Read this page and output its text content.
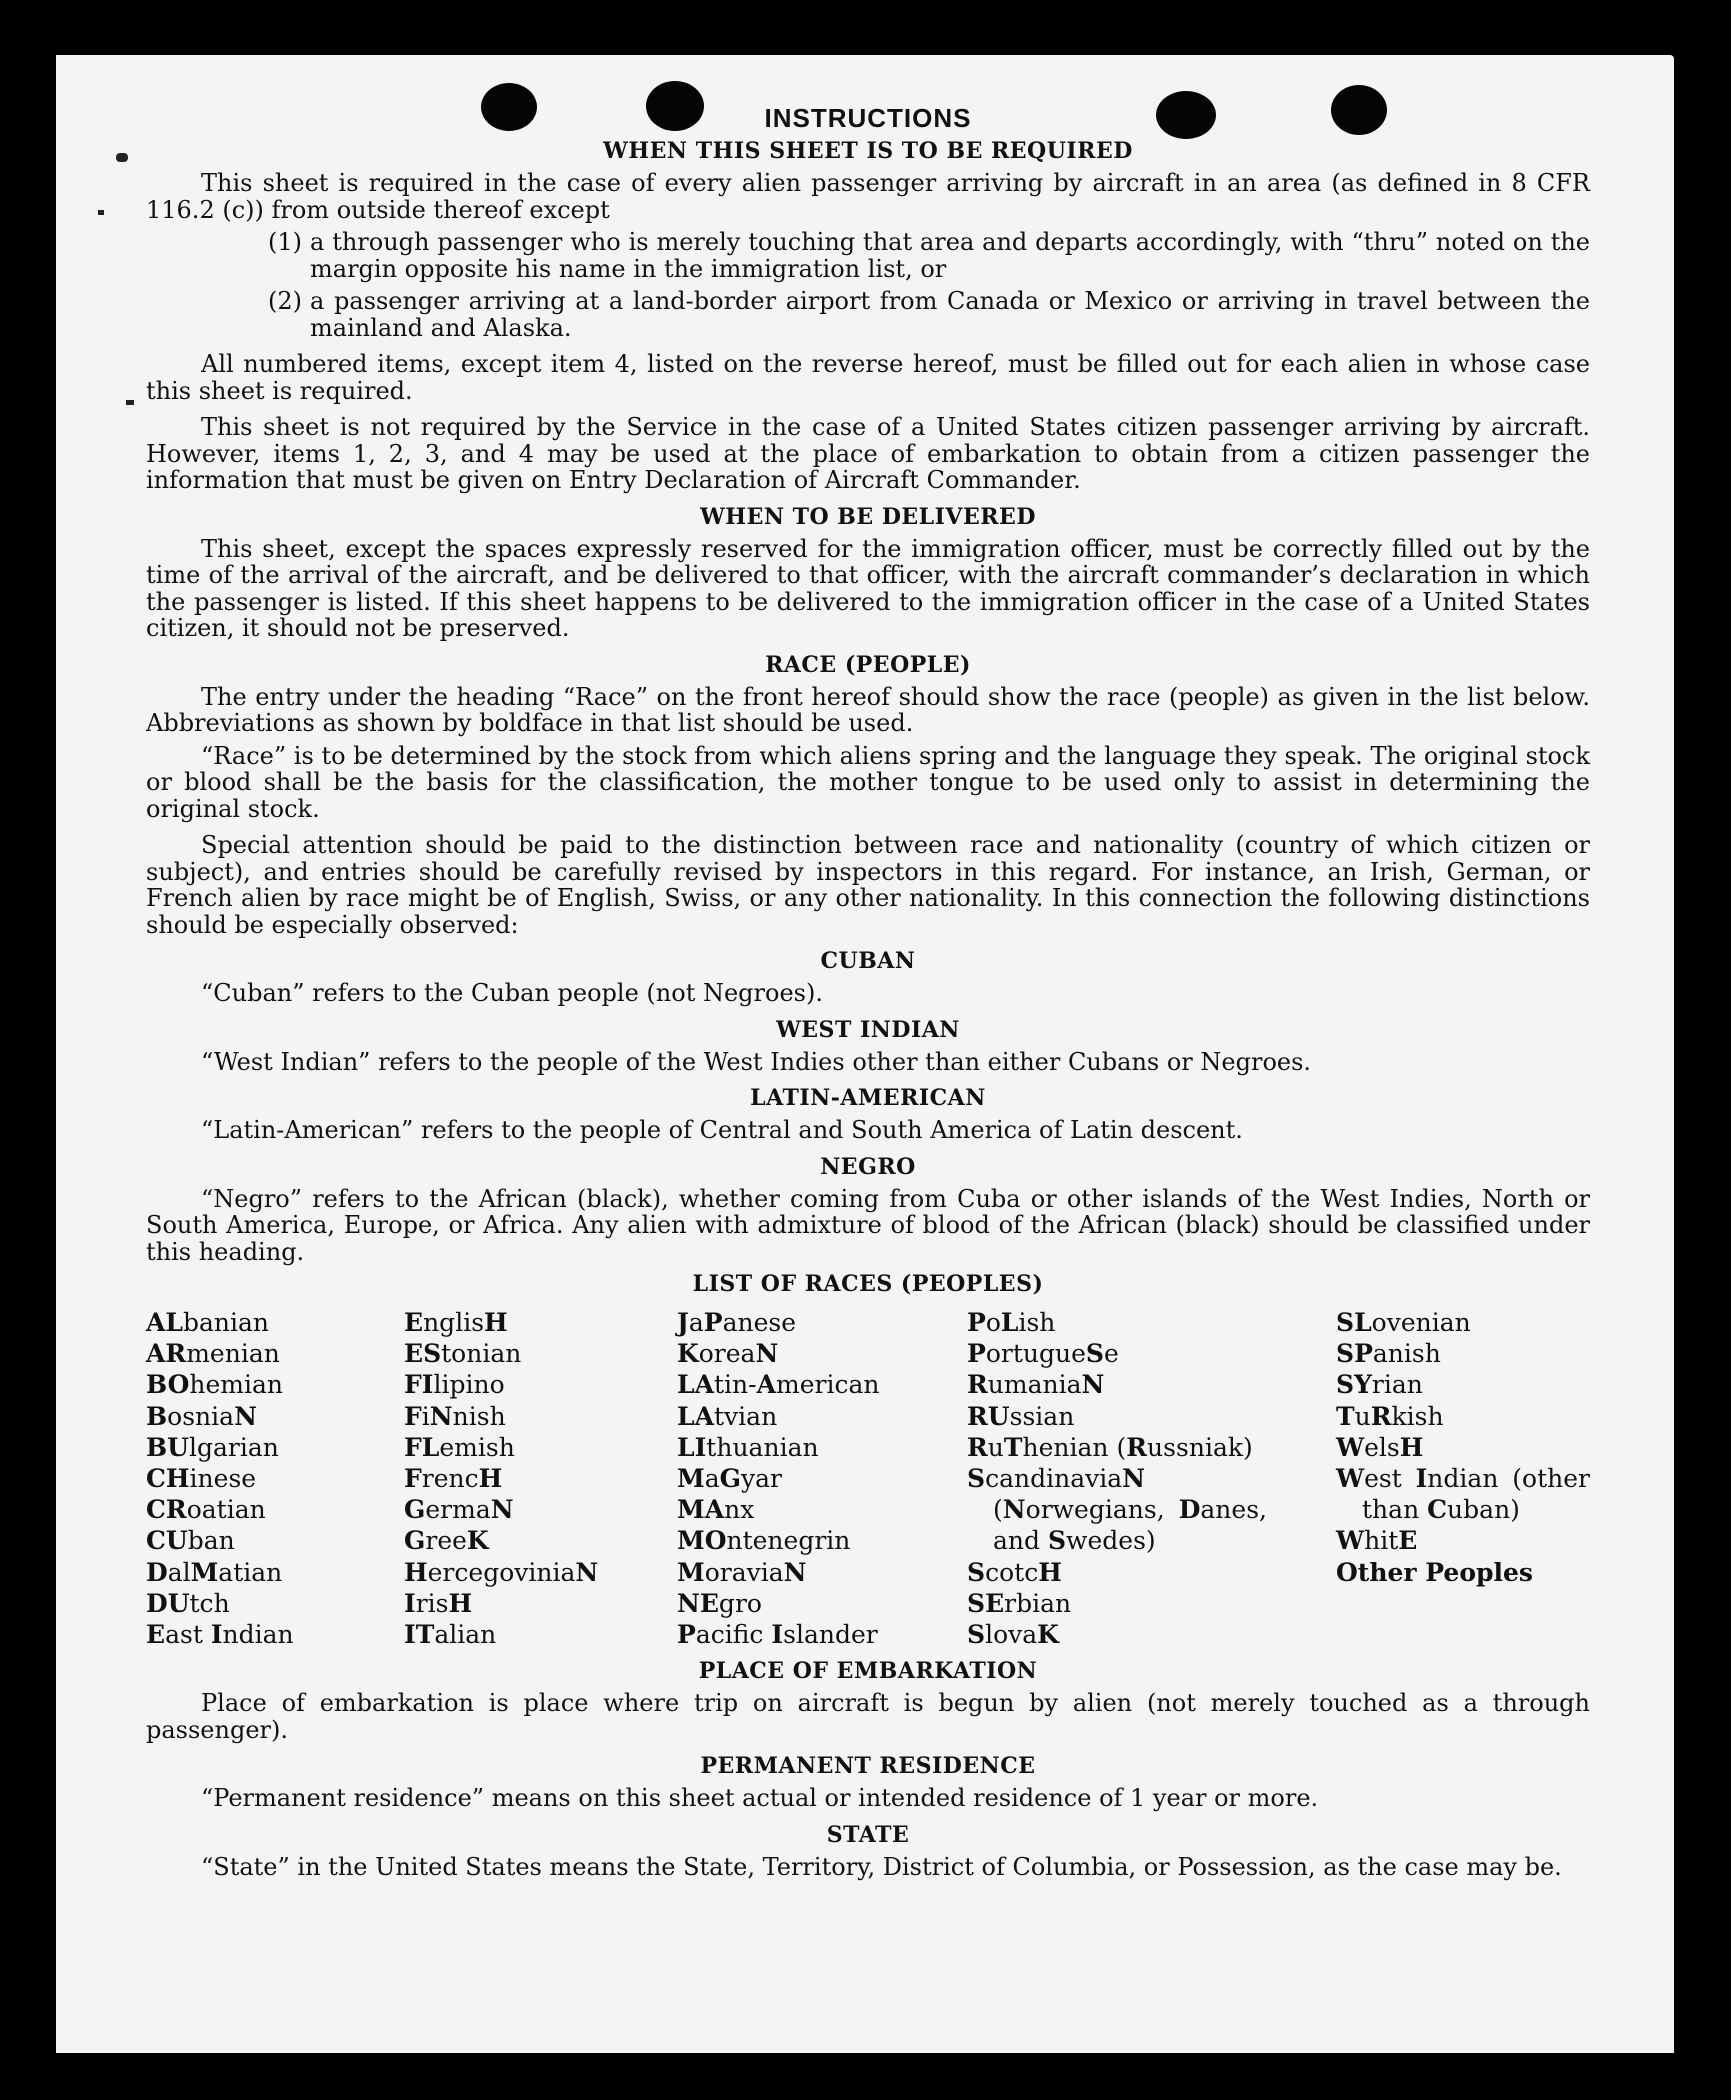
INSTRUCTIONS
WHEN THIS SHEET IS TO BE REQUIRED

This sheet is required in the case of every alien passenger arriving by aircraft in an area (as defined in 8 CFR 116.2 (c)) from outside thereof except

(1) a through passenger who is merely touching that area and departs accordingly, with “thru” noted on the margin opposite his name in the immigration list, or
(2) a passenger arriving at a land-border airport from Canada or Mexico or arriving in travel between the mainland and Alaska.

All numbered items, except item 4, listed on the reverse hereof, must be filled out for each alien in whose case this sheet is required.

This sheet is not required by the Service in the case of a United States citizen passenger arriving by aircraft. However, items 1, 2, 3, and 4 may be used at the place of embarkation to obtain from a citizen passenger the information that must be given on Entry Declaration of Aircraft Commander.

WHEN TO BE DELIVERED

This sheet, except the spaces expressly reserved for the immigration officer, must be correctly filled out by the time of the arrival of the aircraft, and be delivered to that officer, with the aircraft commander’s declaration in which the passenger is listed. If this sheet happens to be delivered to the immigration officer in the case of a United States citizen, it should not be preserved.

RACE (PEOPLE)

The entry under the heading “Race” on the front hereof should show the race (people) as given in the list below. Abbreviations as shown by boldface in that list should be used.

“Race” is to be determined by the stock from which aliens spring and the language they speak. The original stock or blood shall be the basis for the classification, the mother tongue to be used only to assist in determining the original stock.

Special attention should be paid to the distinction between race and nationality (country of which citizen or subject), and entries should be carefully revised by inspectors in this regard. For instance, an Irish, German, or French alien by race might be of English, Swiss, or any other nationality. In this connection the following distinctions should be especially observed:

CUBAN

“Cuban” refers to the Cuban people (not Negroes).

WEST INDIAN

“West Indian” refers to the people of the West Indies other than either Cubans or Negroes.

LATIN-AMERICAN

“Latin-American” refers to the people of Central and South America of Latin descent.

NEGRO

“Negro” refers to the African (black), whether coming from Cuba or other islands of the West Indies, North or South America, Europe, or Africa. Any alien with admixture of blood of the African (black) should be classified under this heading.

LIST OF RACES (PEOPLES)
ALbanian
ARmenian
BOhemian
BosniaN
BUlgarian
CHinese
CRoatian
CUban
DalMatian
DUtch
East Indian
EnglisH
EStonian
FIlipino
FiNnish
FLemish
FrencH
GermaN
GreeK
HercegoviniaN
IrisH
ITalian
JaPanese
KoreaN
LAtin-American
LAtvian
LIthuanian
MaGyar
MAnx
MOntenegrin
MoraviaN
NEgro
Pacifc Islander
PoLish
PortugueSe
RumaniaN
RUssian
RuThenian (Russniak)
ScandinaviaN (Norwegians, Danes, and Swedes)
ScotcH
SErbian
SlovaK
SLovenian
SPanish
SYrian
TuRkish
WelsH
West Indian (other than Cuban)
WhitE
Other Peoples
PLACE OF EMBARKATION

Place of embarkation is place where trip on aircraft is begun by alien (not merely touched as a through passenger).

PERMANENT RESIDENCE

“Permanent residence” means on this sheet actual or intended residence of 1 year or more.

STATE

“State” in the United States means the State, Territory, District of Columbia, or Possession, as the case may be.
